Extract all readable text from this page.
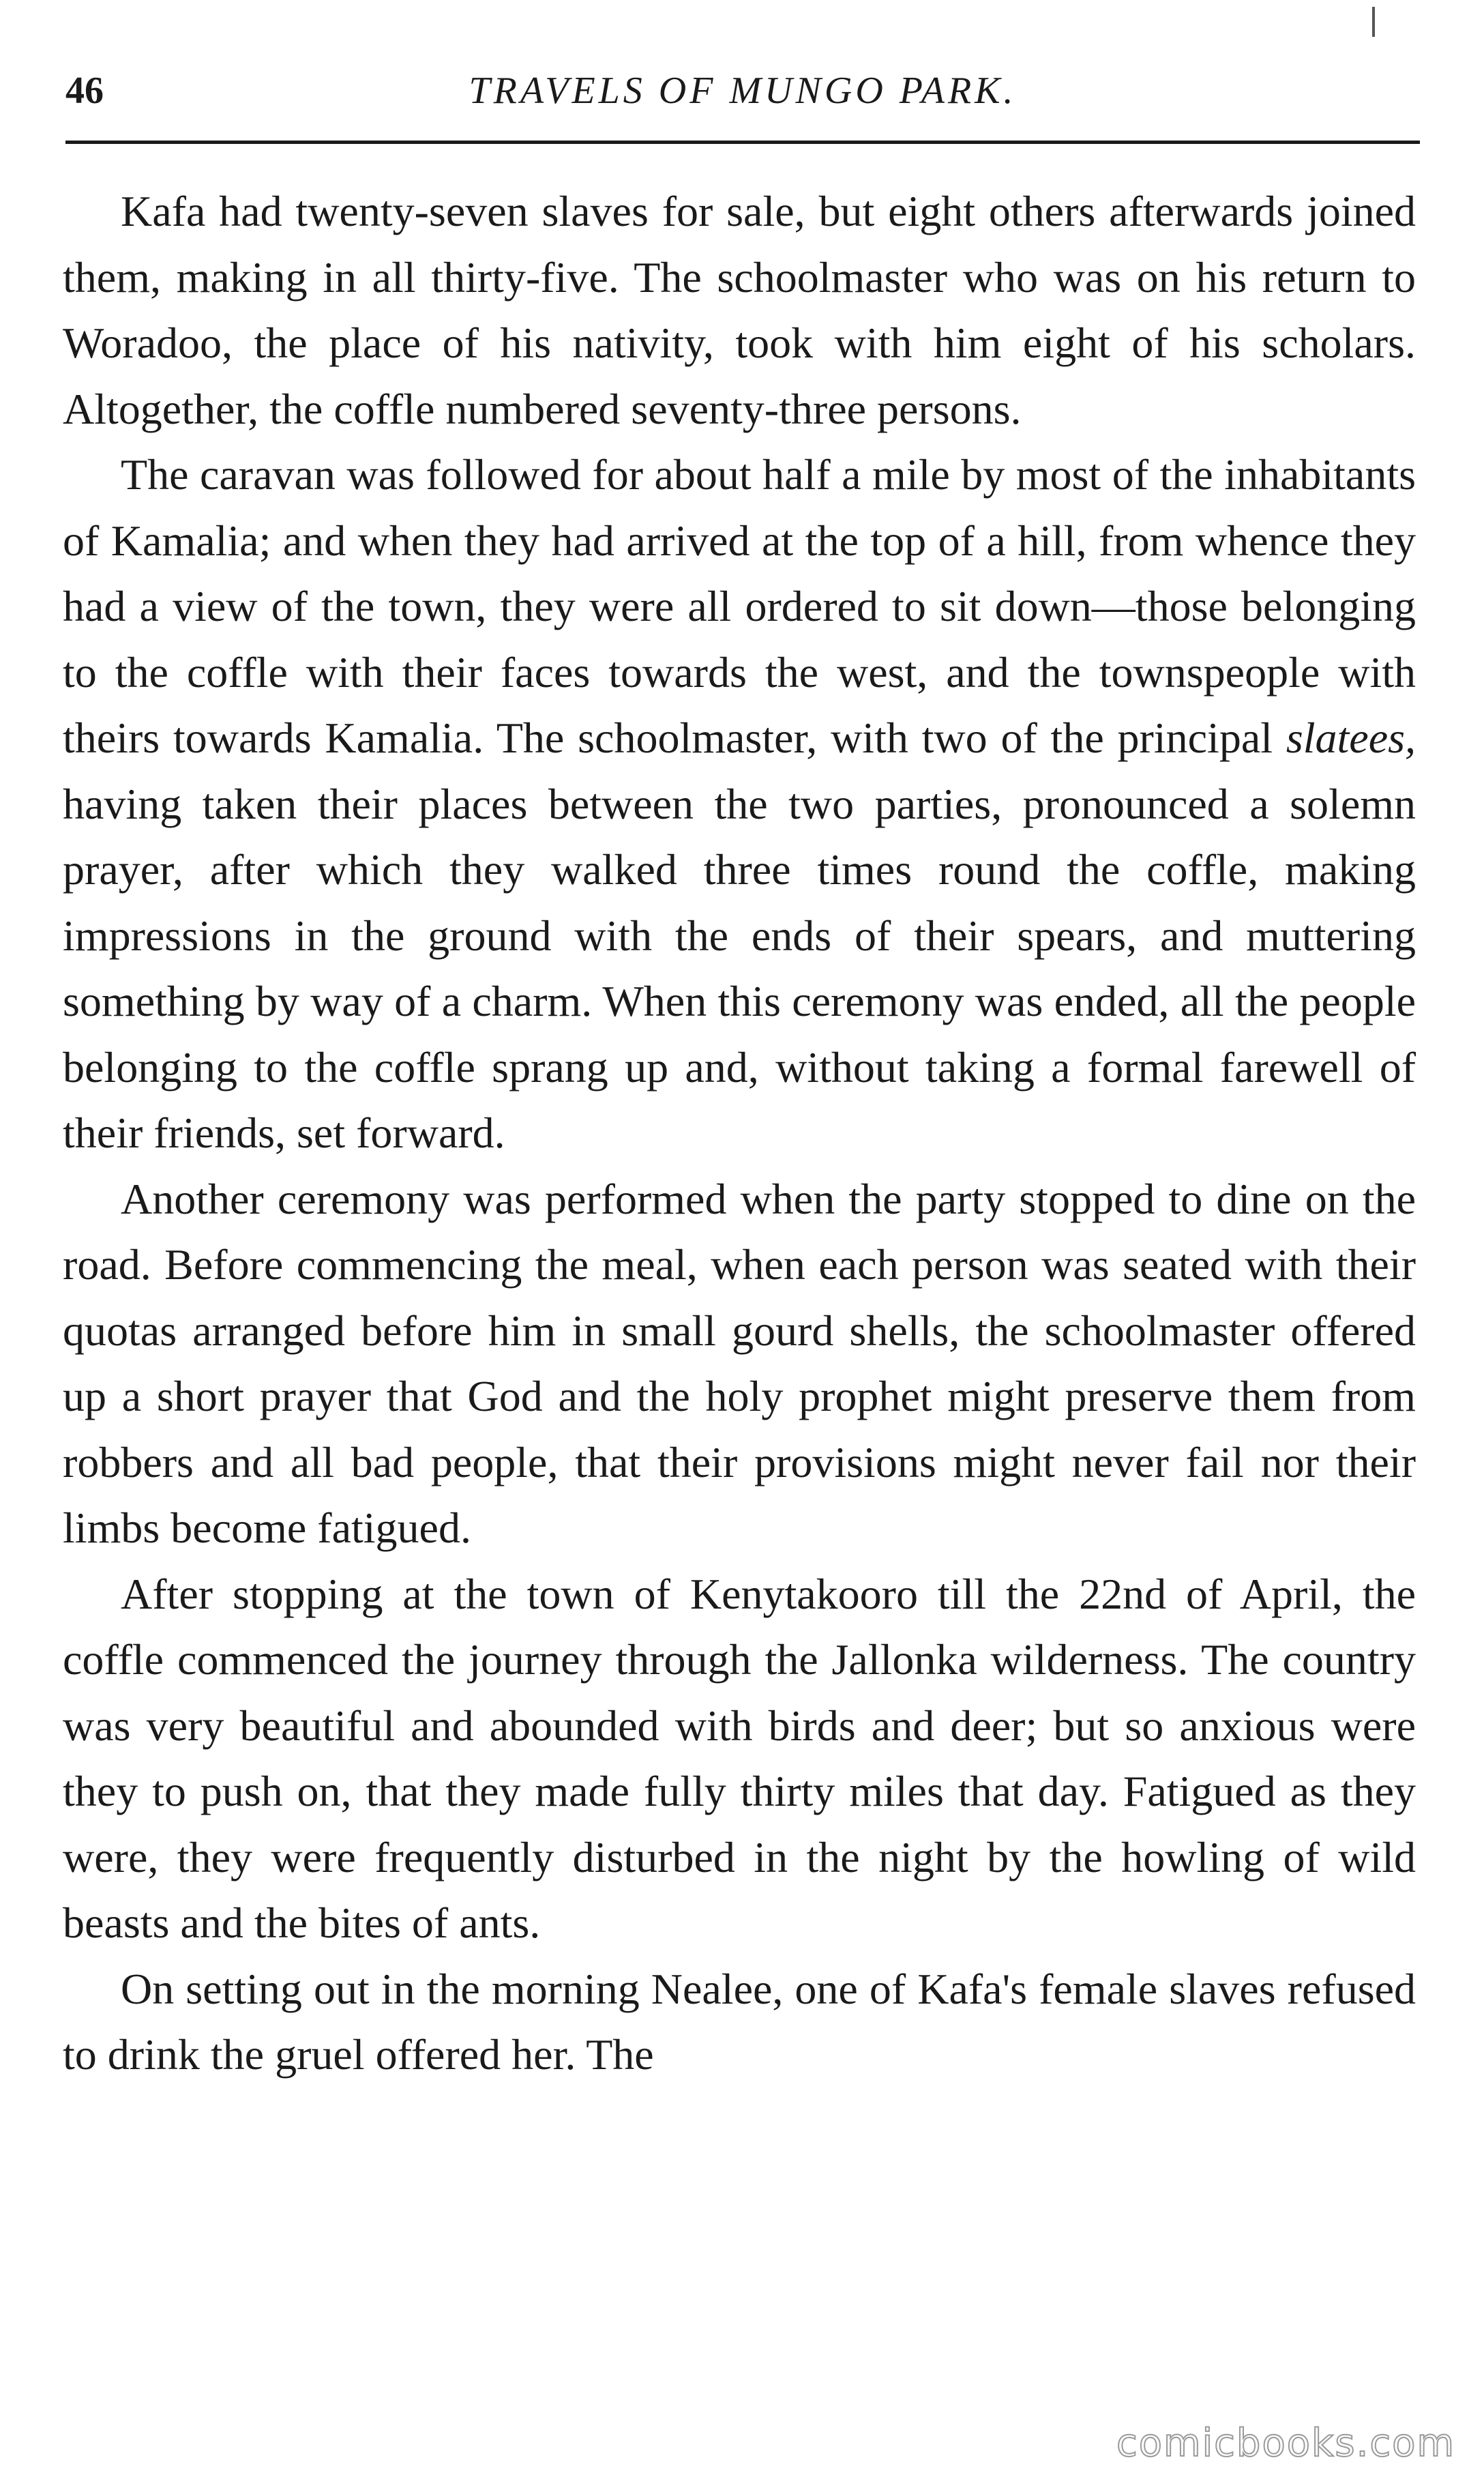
46	TRAVELS OF MUNGO PARK.

Kafa had twenty-seven slaves for sale, but eight others afterwards joined them, making in all thirty-five. The schoolmaster who was on his return to Woradoo, the place of his nativity, took with him eight of his scholars. Altogether, the coffle numbered seventy-three persons.

The caravan was followed for about half a mile by most of the inhabitants of Kamalia; and when they had arrived at the top of a hill, from whence they had a view of the town, they were all ordered to sit down—those belonging to the coffle with their faces towards the west, and the townspeople with theirs towards Kamalia. The schoolmaster, with two of the principal slatees, having taken their places between the two parties, pronounced a solemn prayer, after which they walked three times round the coffle, making impressions in the ground with the ends of their spears, and muttering something by way of a charm. When this ceremony was ended, all the people belonging to the coffle sprang up and, without taking a formal farewell of their friends, set forward.

Another ceremony was performed when the party stopped to dine on the road. Before commencing the meal, when each person was seated with their quotas arranged before him in small gourd shells, the schoolmaster offered up a short prayer that God and the holy prophet might preserve them from robbers and all bad people, that their provisions might never fail nor their limbs become fatigued.

After stopping at the town of Kenytakooro till the 22nd of April, the coffle commenced the journey through the Jallonka wilderness. The country was very beautiful and abounded with birds and deer; but so anxious were they to push on, that they made fully thirty miles that day. Fatigued as they were, they were frequently disturbed in the night by the howling of wild beasts and the bites of ants.

On setting out in the morning Nealee, one of Kafa's female slaves refused to drink the gruel offered her. The

comicbooks.com
